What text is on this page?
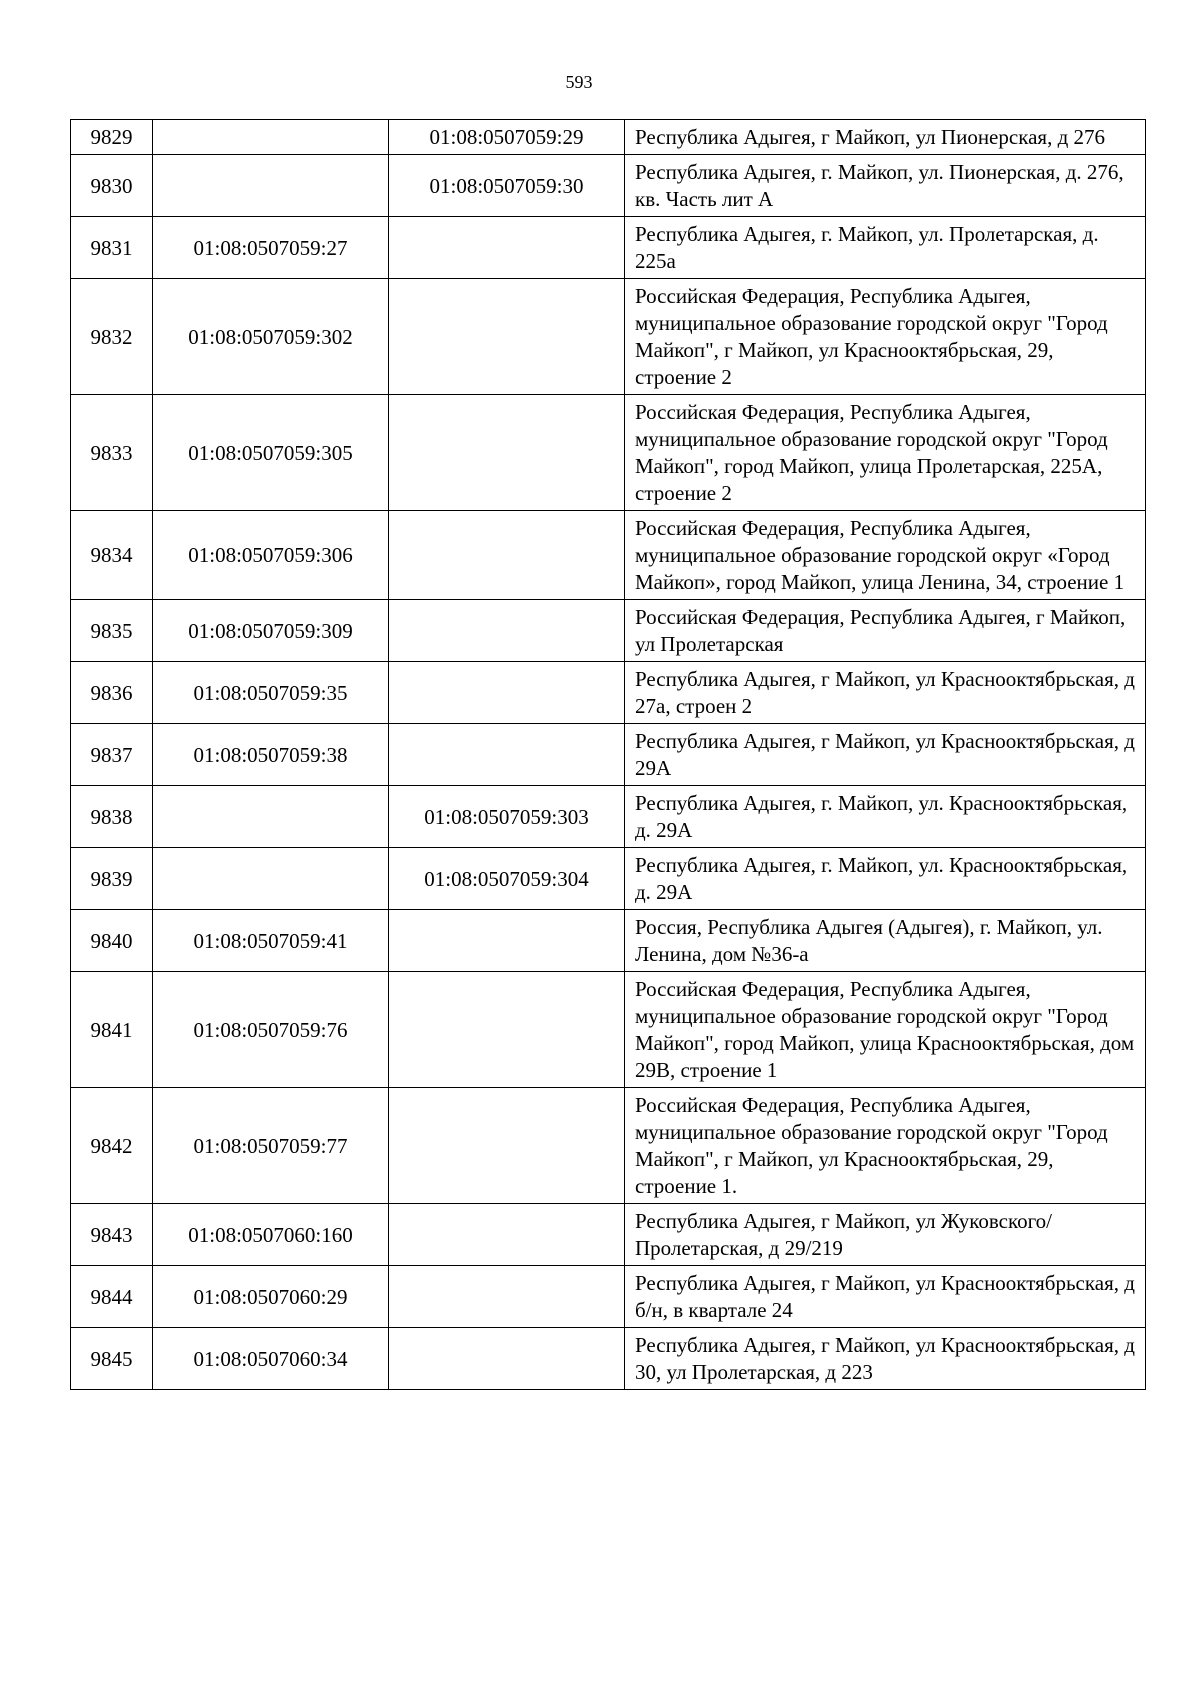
593
9829		01:08:0507059:29	Республика Адыгея, г Майкоп, ул Пионерская, д 276
9830		01:08:0507059:30	Республика Адыгея, г. Майкоп, ул. Пионерская, д. 276, кв. Часть лит А
9831	01:08:0507059:27		Республика Адыгея, г. Майкоп, ул. Пролетарская, д. 225а
9832	01:08:0507059:302		Российская Федерация, Республика Адыгея, муниципальное образование городской округ "Город Майкоп", г Майкоп, ул Краснооктябрьская, 29, строение 2
9833	01:08:0507059:305		Российская Федерация, Республика Адыгея, муниципальное образование городской округ "Город Майкоп", город Майкоп, улица Пролетарская, 225А, строение 2
9834	01:08:0507059:306		Российская Федерация, Республика Адыгея, муниципальное образование городской округ «Город Майкоп», город Майкоп, улица Ленина, 34, строение 1
9835	01:08:0507059:309		Российская Федерация, Республика Адыгея, г Майкоп, ул Пролетарская
9836	01:08:0507059:35		Республика Адыгея, г Майкоп, ул Краснооктябрьская, д 27а, строен 2
9837	01:08:0507059:38		Республика Адыгея, г Майкоп, ул Краснооктябрьская, д 29А
9838		01:08:0507059:303	Республика Адыгея, г. Майкоп, ул. Краснооктябрьская, д. 29А
9839		01:08:0507059:304	Республика Адыгея, г. Майкоп, ул. Краснооктябрьская, д. 29А
9840	01:08:0507059:41		Россия, Республика Адыгея (Адыгея), г. Майкоп, ул. Ленина, дом №36-а
9841	01:08:0507059:76		Российская Федерация, Республика Адыгея, муниципальное образование городской округ "Город Майкоп", город Майкоп, улица Краснооктябрьская, дом 29В, строение 1
9842	01:08:0507059:77		Российская Федерация, Республика Адыгея, муниципальное образование городской округ "Город Майкоп", г Майкоп, ул Краснооктябрьская, 29, строение 1.
9843	01:08:0507060:160		Республика Адыгея, г Майкоп, ул Жуковского/Пролетарская, д 29/219
9844	01:08:0507060:29		Республика Адыгея, г Майкоп, ул Краснооктябрьская, д б/н, в квартале 24
9845	01:08:0507060:34		Республика Адыгея, г Майкоп, ул Краснооктябрьская, д 30, ул Пролетарская, д 223
